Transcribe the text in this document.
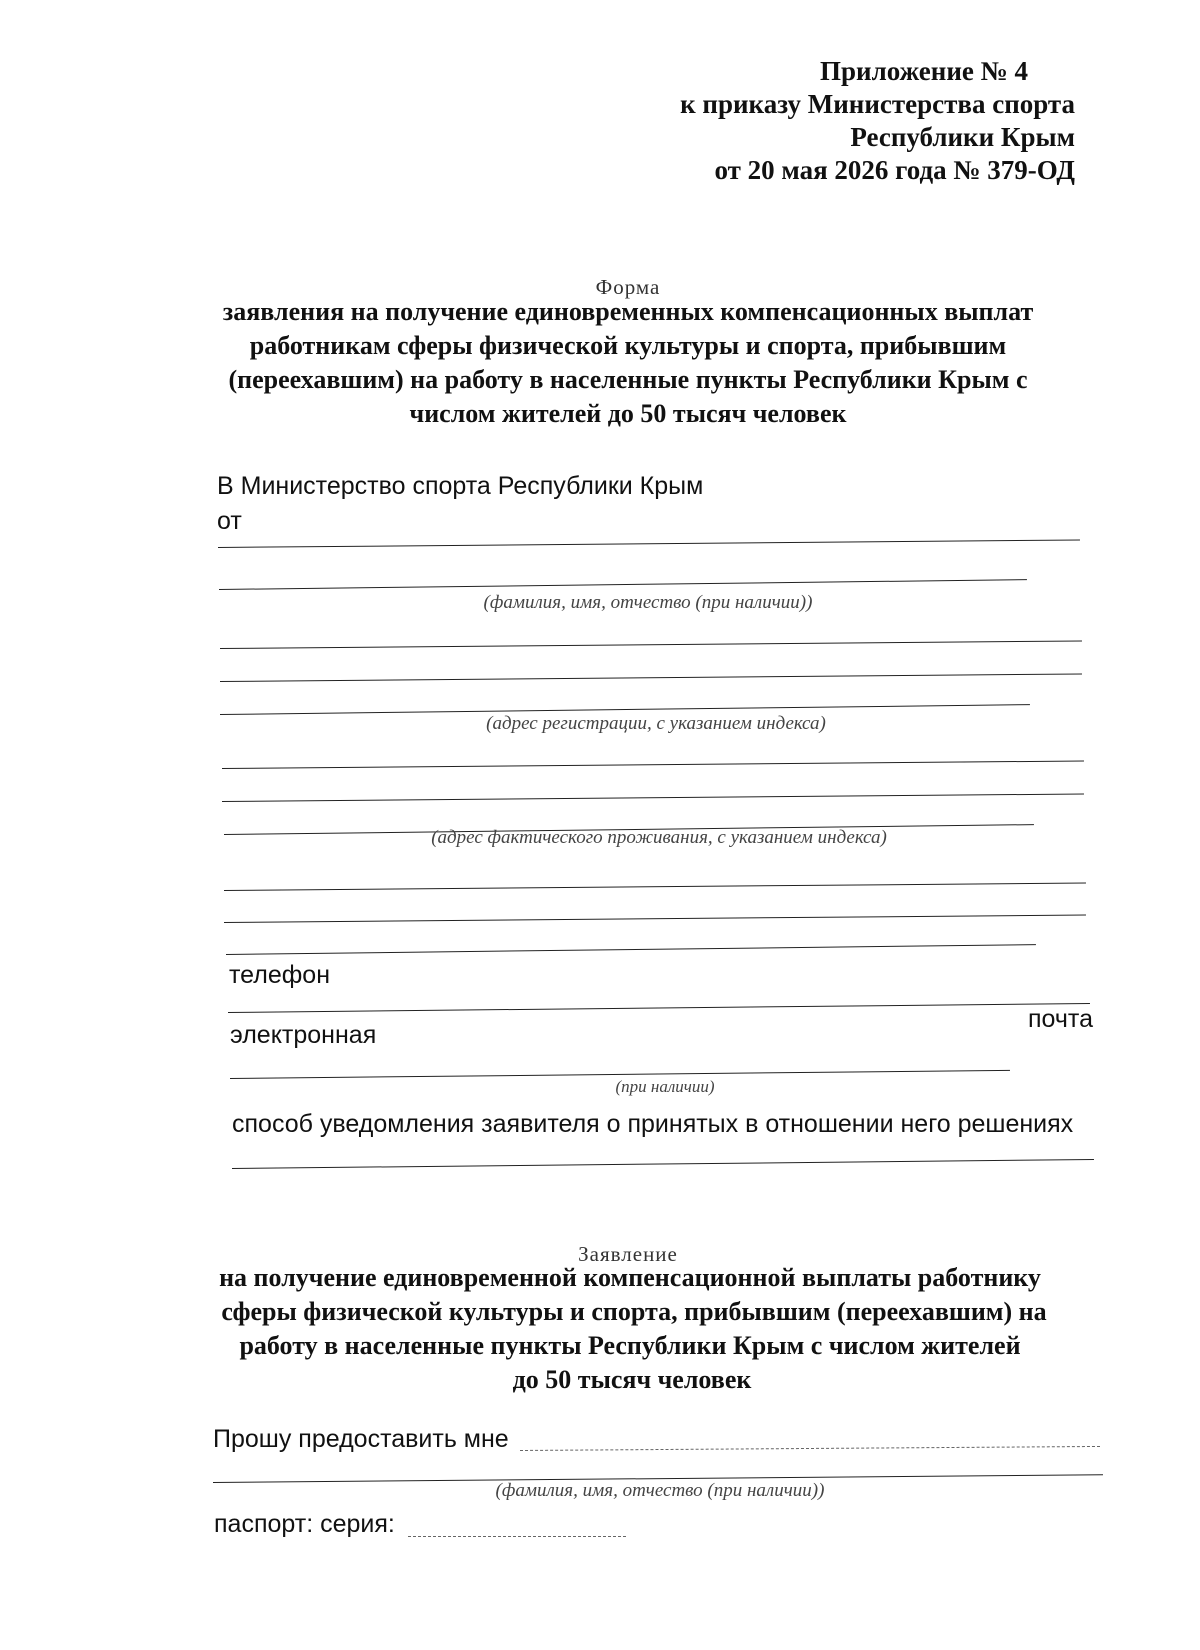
Приложение № 4
к приказу Министерства спорта
Республики Крым
от 20 мая 2026 года № 379-ОД
Форма
заявления на получение единовременных компенсационных выплат
работникам сферы физической культуры и спорта, прибывшим
(переехавшим) на работу в населенные пункты Республики Крым с
числом жителей до 50 тысяч человек
В Министерство спорта Республики Крым
от
(фамилия, имя, отчество (при наличии))
(адрес регистрации, с указанием индекса)
(адрес фактического проживания, с указанием индекса)
телефон
электронная
почта
(при наличии)
способ уведомления заявителя о принятых в отношении него решениях
Заявление
на получение единовременной компенсационной выплаты работнику
сферы физической культуры и спорта, прибывшим (переехавшим) на
работу в населенные пункты Республики Крым с числом жителей
до 50 тысяч человек
Прошу предоставить мне
(фамилия, имя, отчество (при наличии))
паспорт: серия:
